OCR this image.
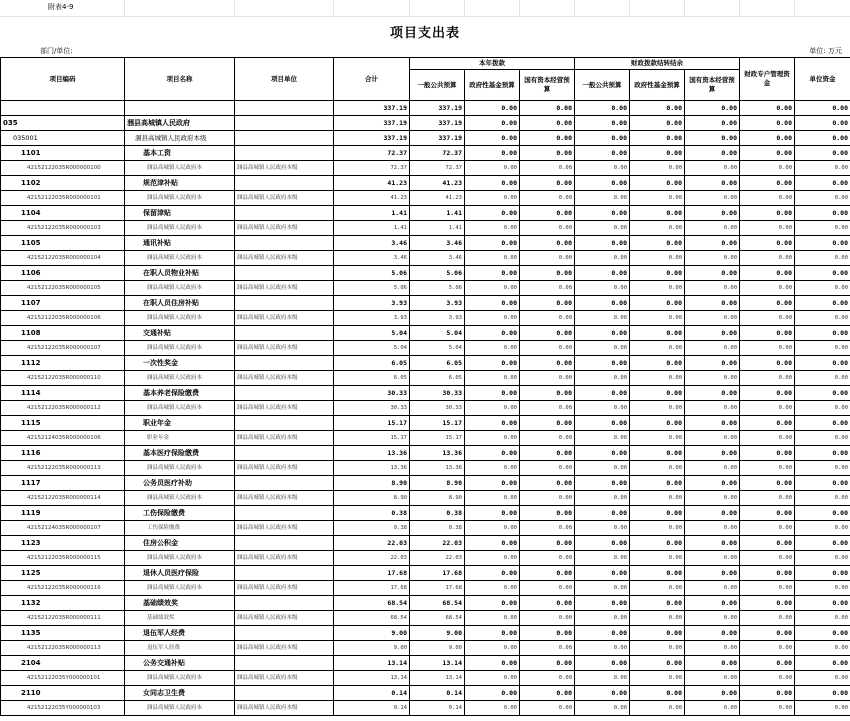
附表4-9
项目支出表
部门/单位:	单位: 万元
项目编码	项目名称	项目单位	合计	本年拨款			财政拨款结转结余			财政专户管理资金	单位资金
				一般公共预算	政府性基金预算	国有资本经营预算	一般公共预算	政府性基金预算	国有资本经营预算		
			337.19	337.19	0.00	0.00	0.00	0.00	0.00	0.00	0.00
035	涠县高城镇人民政府		337.19	337.19	0.00	0.00	0.00	0.00	0.00	0.00	0.00
035001	涠县高城镇人民政府本级		337.19	337.19	0.00	0.00	0.00	0.00	0.00	0.00	0.00
1101	基本工资		72.37	72.37	0.00	0.00	0.00	0.00	0.00	0.00	0.00
42152122035R000000100	涠县高城镇人民政府本	涠县高城镇人民政府本级	72.37	72.37	0.00	0.00	0.00	0.00	0.00	0.00	0.00
1102	规范津补贴		41.23	41.23	0.00	0.00	0.00	0.00	0.00	0.00	0.00
42152122035R000000101	涠县高城镇人民政府本	涠县高城镇人民政府本级	41.23	41.23	0.00	0.00	0.00	0.00	0.00	0.00	0.00
1104	保留津贴		1.41	1.41	0.00	0.00	0.00	0.00	0.00	0.00	0.00
42152122035R000000103	涠县高城镇人民政府本	涠县高城镇人民政府本级	1.41	1.41	0.00	0.00	0.00	0.00	0.00	0.00	0.00
1105	通讯补贴		3.46	3.46	0.00	0.00	0.00	0.00	0.00	0.00	0.00
42152122035R000000104	涠县高城镇人民政府本	涠县高城镇人民政府本级	3.46	3.46	0.00	0.00	0.00	0.00	0.00	0.00	0.00
1106	在职人员物业补贴		5.06	5.06	0.00	0.00	0.00	0.00	0.00	0.00	0.00
42152122035R000000105	涠县高城镇人民政府本	涠县高城镇人民政府本级	5.06	5.06	0.00	0.00	0.00	0.00	0.00	0.00	0.00
1107	在职人员住房补贴		3.93	3.93	0.00	0.00	0.00	0.00	0.00	0.00	0.00
42152122035R000000106	涠县高城镇人民政府本	涠县高城镇人民政府本级	3.93	3.93	0.00	0.00	0.00	0.00	0.00	0.00	0.00
1108	交通补贴		5.04	5.04	0.00	0.00	0.00	0.00	0.00	0.00	0.00
42152122035R000000107	涠县高城镇人民政府本	涠县高城镇人民政府本级	5.04	5.04	0.00	0.00	0.00	0.00	0.00	0.00	0.00
1112	一次性奖金		6.05	6.05	0.00	0.00	0.00	0.00	0.00	0.00	0.00
42152122035R000000110	涠县高城镇人民政府本	涠县高城镇人民政府本级	6.05	6.05	0.00	0.00	0.00	0.00	0.00	0.00	0.00
1114	基本养老保险缴费		30.33	30.33	0.00	0.00	0.00	0.00	0.00	0.00	0.00
42152122035R000000112	涠县高城镇人民政府本	涠县高城镇人民政府本级	30.33	30.33	0.00	0.00	0.00	0.00	0.00	0.00	0.00
1115	职业年金		15.17	15.17	0.00	0.00	0.00	0.00	0.00	0.00	0.00
42152124035R000000106	职业年金	涠县高城镇人民政府本级	15.17	15.17	0.00	0.00	0.00	0.00	0.00	0.00	0.00
1116	基本医疗保险缴费		13.36	13.36	0.00	0.00	0.00	0.00	0.00	0.00	0.00
42152122035R000000113	涠县高城镇人民政府本	涠县高城镇人民政府本级	13.36	13.36	0.00	0.00	0.00	0.00	0.00	0.00	0.00
1117	公务员医疗补助		8.90	8.90	0.00	0.00	0.00	0.00	0.00	0.00	0.00
42152122035R000000114	涠县高城镇人民政府本	涠县高城镇人民政府本级	8.90	8.90	0.00	0.00	0.00	0.00	0.00	0.00	0.00
1119	工伤保险缴费		0.38	0.38	0.00	0.00	0.00	0.00	0.00	0.00	0.00
42152124035R000000107	工伤保险缴费	涠县高城镇人民政府本级	0.38	0.38	0.00	0.00	0.00	0.00	0.00	0.00	0.00
1123	住房公积金		22.03	22.03	0.00	0.00	0.00	0.00	0.00	0.00	0.00
42152122035R000000115	涠县高城镇人民政府本	涠县高城镇人民政府本级	22.03	22.03	0.00	0.00	0.00	0.00	0.00	0.00	0.00
1125	退休人员医疗保险		17.68	17.68	0.00	0.00	0.00	0.00	0.00	0.00	0.00
42152122035R000000116	涠县高城镇人民政府本	涠县高城镇人民政府本级	17.68	17.68	0.00	0.00	0.00	0.00	0.00	0.00	0.00
1132	基础绩效奖		68.54	68.54	0.00	0.00	0.00	0.00	0.00	0.00	0.00
42152122035R000000111	基础绩效奖	涠县高城镇人民政府本级	68.54	68.54	0.00	0.00	0.00	0.00	0.00	0.00	0.00
1135	退伍军人经费		9.00	9.00	0.00	0.00	0.00	0.00	0.00	0.00	0.00
42152122035R000000113	退伍军人经费	涠县高城镇人民政府本级	9.00	9.00	0.00	0.00	0.00	0.00	0.00	0.00	0.00
2104	公务交通补贴		13.14	13.14	0.00	0.00	0.00	0.00	0.00	0.00	0.00
42152122035Y000000101	涠县高城镇人民政府本	涠县高城镇人民政府本级	13.14	13.14	0.00	0.00	0.00	0.00	0.00	0.00	0.00
2110	女同志卫生费		0.14	0.14	0.00	0.00	0.00	0.00	0.00	0.00	0.00
42152122035Y000000103	涠县高城镇人民政府本	涠县高城镇人民政府本级	0.14	0.14	0.00	0.00	0.00	0.00	0.00	0.00	0.00
